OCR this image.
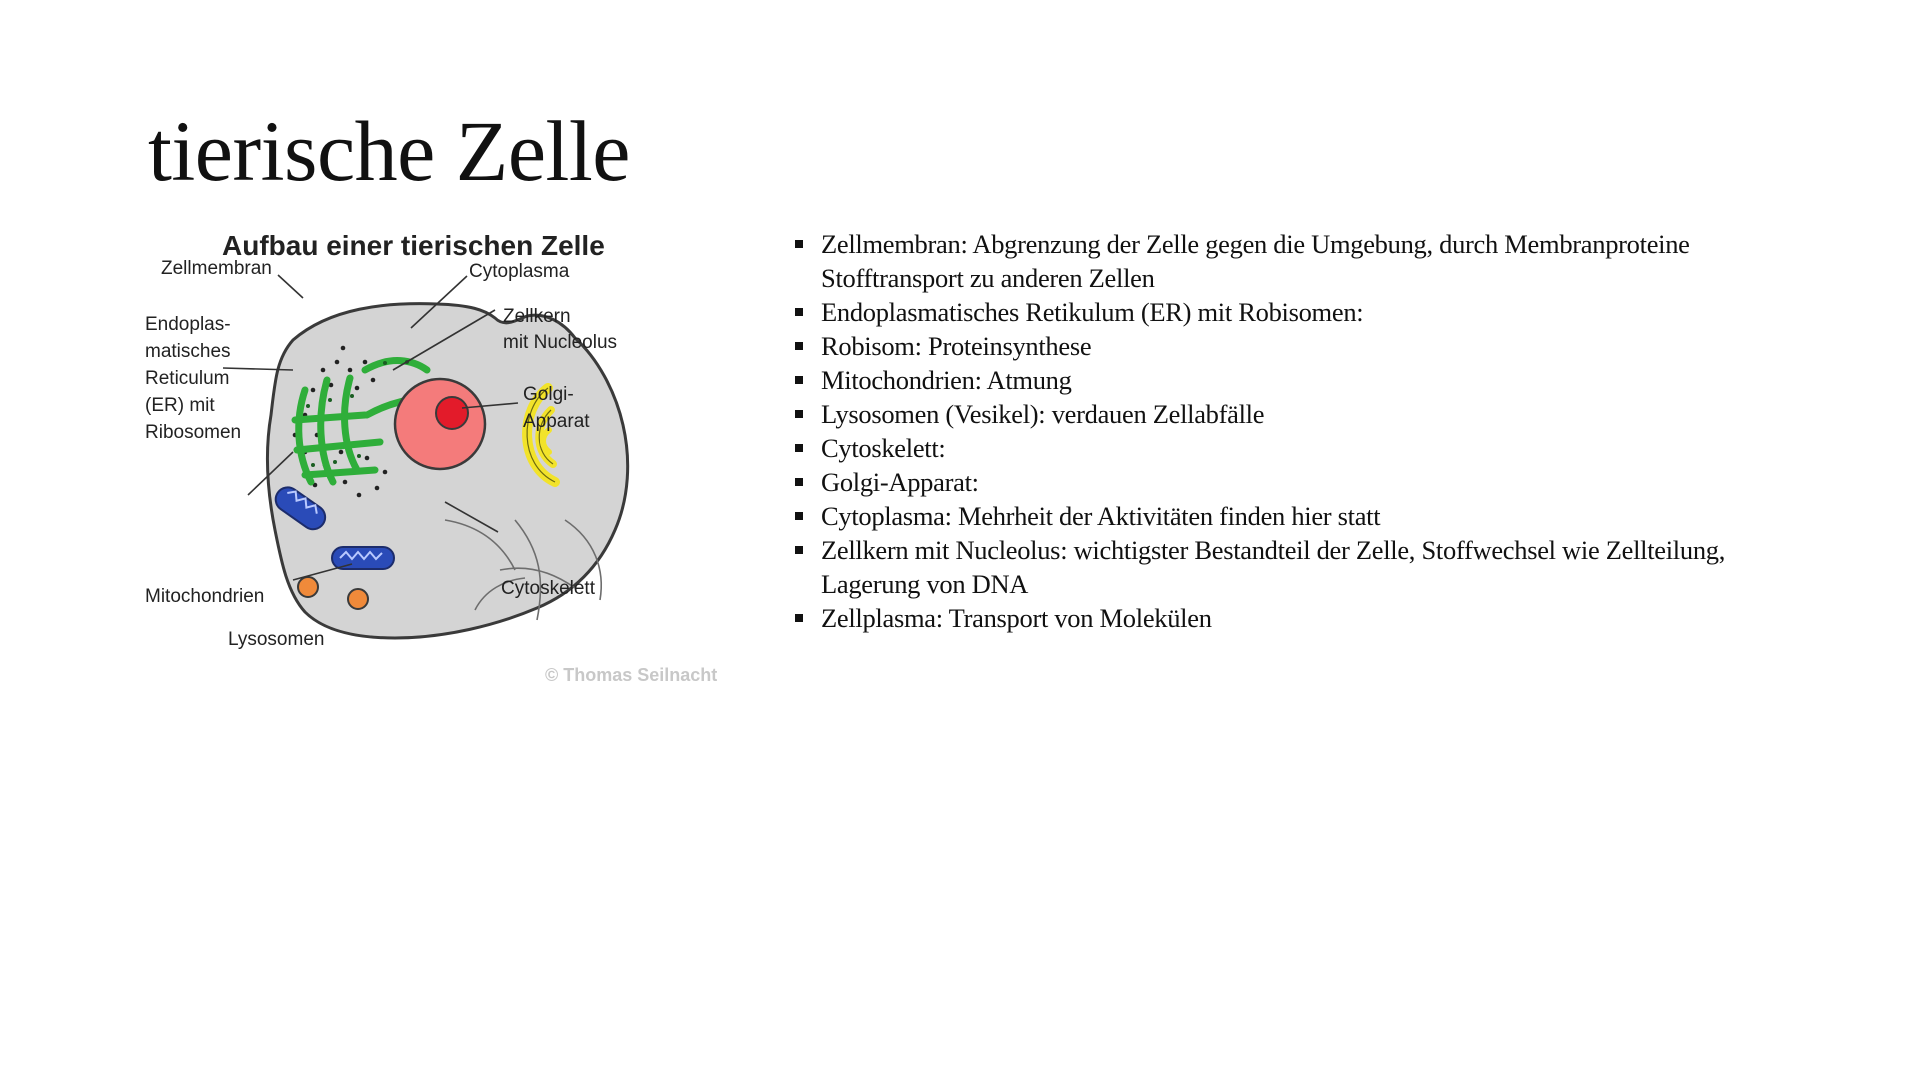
tierische Zelle
Aufbau einer tierischen Zelle
Zellmembran	Cytoplasma
Zellkern
mit Nucleolus
Endoplas-
matisches
Reticulum
(ER) mit
Ribosomen
Golgi-
Apparat
Mitochondrien	Cytoskelett
Lysosomen
© Thomas Seilnacht
Zellmembran: Abgrenzung der Zelle gegen die Umgebung, durch Membranproteine Stofftransport zu anderen Zellen
Endoplasmatisches Retikulum (ER) mit Robisomen:
Robisom: Proteinsynthese
Mitochondrien: Atmung
Lysosomen (Vesikel): verdauen Zellabfälle
Cytoskelett:
Golgi-Apparat:
Cytoplasma: Mehrheit der Aktivitäten finden hier statt
Zellkern mit Nucleolus: wichtigster Bestandteil der Zelle, Stoffwechsel wie Zellteilung, Lagerung von DNA
Zellplasma: Transport von Molekülen
